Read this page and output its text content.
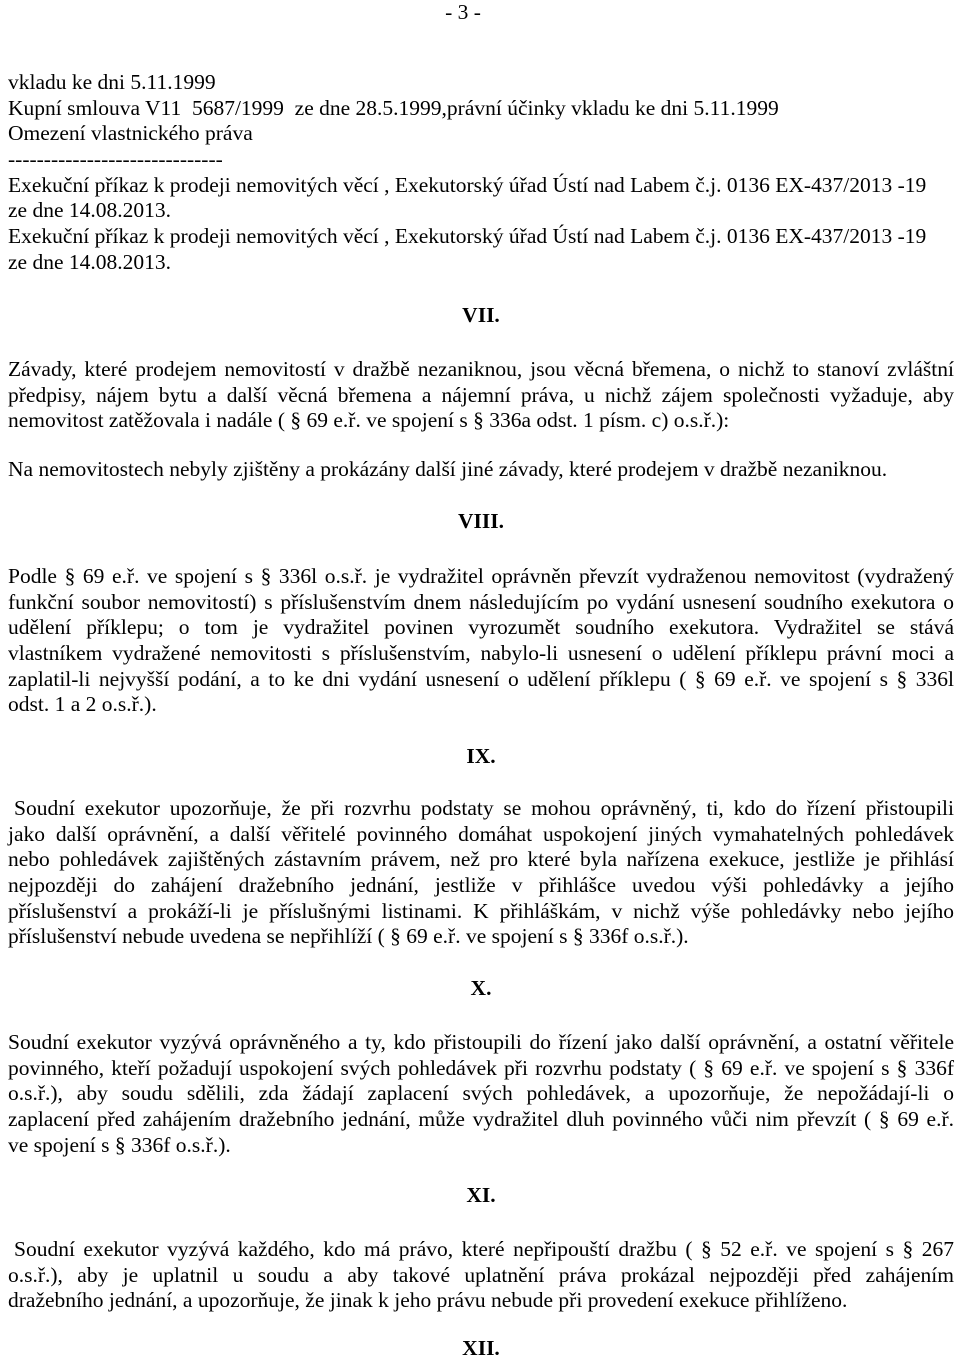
- 3 -
vkladu ke dni 5.11.1999
Kupní smlouva V11  5687/1999  ze dne 28.5.1999,právní účinky vkladu ke dni 5.11.1999
Omezení vlastnického práva
------------------------------
Exekuční příkaz k prodeji nemovitých věcí , Exekutorský úřad Ústí nad Labem č.j. 0136 EX-437/2013 -19
ze dne 14.08.2013.
Exekuční příkaz k prodeji nemovitých věcí , Exekutorský úřad Ústí nad Labem č.j. 0136 EX-437/2013 -19
ze dne 14.08.2013.
VII.
Závady, které prodejem nemovitostí v dražbě nezaniknou, jsou věcná břemena, o nichž to stanoví zvláštní
předpisy, nájem bytu a další věcná břemena a nájemní práva, u nichž zájem společnosti vyžaduje, aby
nemovitost zatěžovala i nadále ( § 69 e.ř. ve spojení s § 336a odst. 1 písm. c) o.s.ř.):
Na nemovitostech nebyly zjištěny a prokázány další jiné závady, které prodejem v dražbě nezaniknou.
VIII.
Podle § 69 e.ř. ve spojení s § 336l o.s.ř. je vydražitel oprávněn převzít vydraženou nemovitost (vydražený
funkční soubor nemovitostí) s příslušenstvím dnem následujícím po vydání usnesení soudního exekutora o
udělení příklepu; o tom je vydražitel povinen vyrozumět soudního exekutora. Vydražitel se stává
vlastníkem vydražené nemovitosti s příslušenstvím, nabylo-li usnesení o udělení příklepu právní moci a
zaplatil-li nejvyšší podání, a to ke dni vydání usnesení o udělení příklepu ( § 69 e.ř. ve spojení s § 336l
odst. 1 a 2 o.s.ř.).
IX.
Soudní exekutor upozorňuje, že při rozvrhu podstaty se mohou oprávněný, ti, kdo do řízení přistoupili
jako další oprávnění, a další věřitelé povinného domáhat uspokojení jiných vymahatelných pohledávek
nebo pohledávek zajištěných zástavním právem, než pro které byla nařízena exekuce, jestliže je přihlásí
nejpozději do zahájení dražebního jednání, jestliže v přihlášce uvedou výši pohledávky a jejího
příslušenství a prokáží-li je příslušnými listinami. K přihláškám, v nichž výše pohledávky nebo jejího
příslušenství nebude uvedena se nepřihlíží ( § 69 e.ř. ve spojení s § 336f o.s.ř.).
X.
Soudní exekutor vyzývá oprávněného a ty, kdo přistoupili do řízení jako další oprávnění, a ostatní věřitele
povinného, kteří požadují uspokojení svých pohledávek při rozvrhu podstaty ( § 69 e.ř. ve spojení s § 336f
o.s.ř.), aby soudu sdělili, zda žádají zaplacení svých pohledávek, a upozorňuje, že nepožádají-li o
zaplacení před zahájením dražebního jednání, může vydražitel dluh povinného vůči nim převzít ( § 69 e.ř.
ve spojení s § 336f o.s.ř.).
XI.
Soudní exekutor vyzývá každého, kdo má právo, které nepřipouští dražbu ( § 52 e.ř. ve spojení s § 267
o.s.ř.), aby je uplatnil u soudu a aby takové uplatnění práva prokázal nejpozději před zahájením
dražebního jednání, a upozorňuje, že jinak k jeho právu nebude při provedení exekuce přihlíženo.
XII.
